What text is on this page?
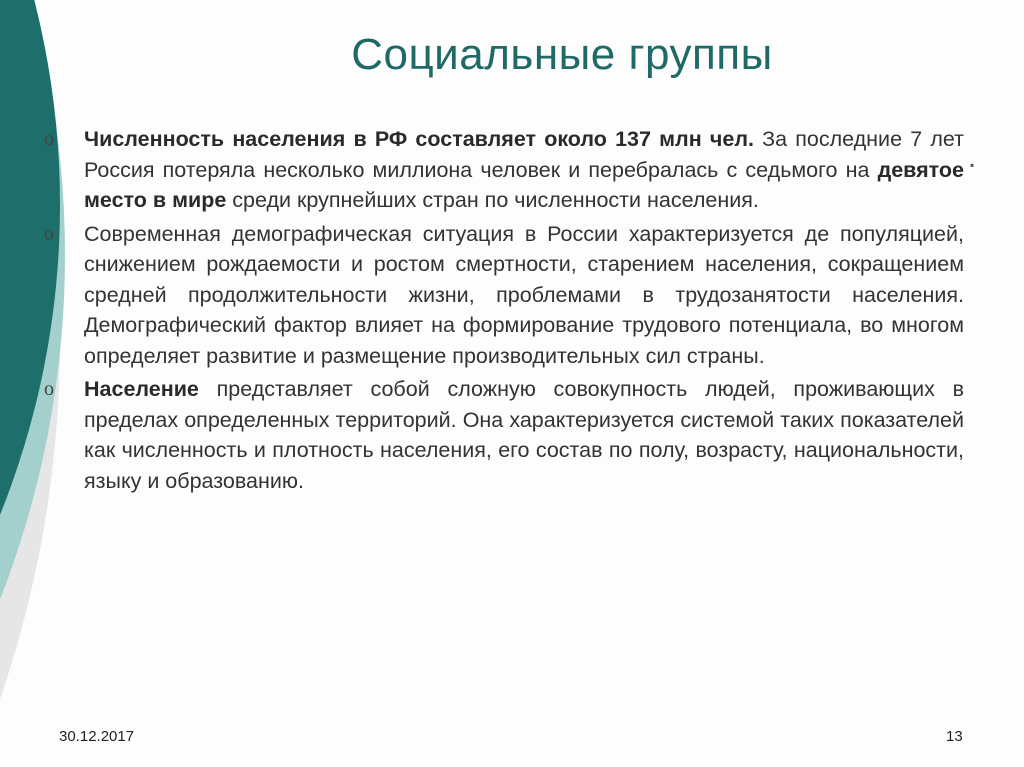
Социальные группы
▪
o Численность населения в РФ составляет около 137 млн чел. За последние 7 лет Россия потеряла несколько миллиона человек и перебралась с седьмого на девятое место в мире среди крупнейших стран по численности населения.
o Современная демографическая ситуация в России характеризуется де популяцией, снижением рождаемости и ростом смертности, старением населения, сокращением средней продолжительности жизни, проблемами в трудозанятости населения. Демографический фактор влияет на формирование трудового потенциала, во многом определяет развитие и размещение производительных сил страны.
o Население представляет собой сложную совокупность людей, проживающих в пределах определенных территорий. Она характеризуется системой таких показателей как численность и плотность населения, его состав по полу, возрасту, национальности, языку и образованию.
30.12.2017	13
